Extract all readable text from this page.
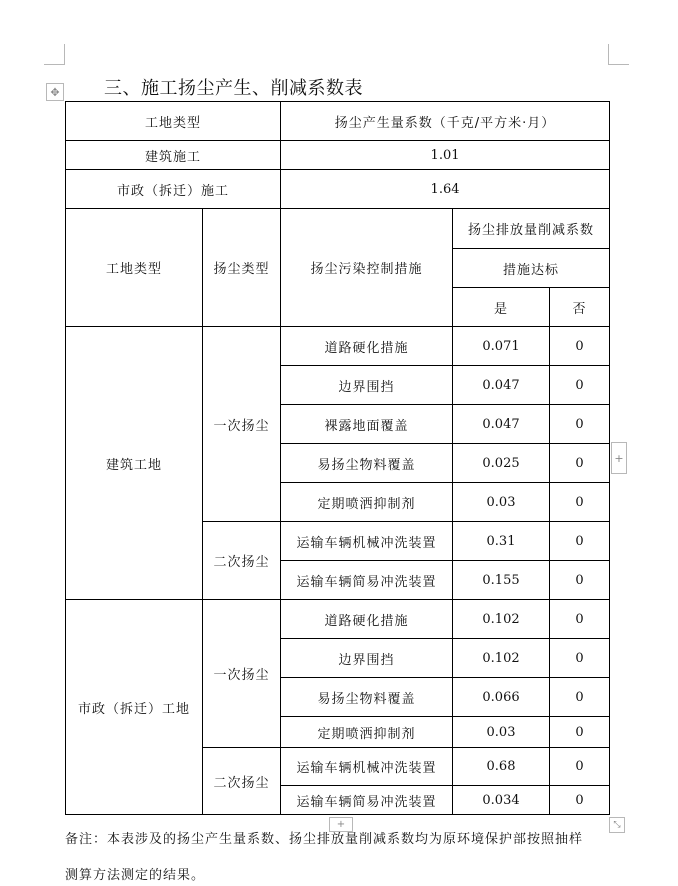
✥ 三、施工扬尘产生、削减系数表
工地类型		扬尘产生量系数（千克/平方米·月）		
建筑施工		1.01		
市政（拆迁）施工		1.64		
工地类型	扬尘类型	扬尘污染控制措施	扬尘排放量削减系数	
			措施达标	
			是	否
建筑工地	一次扬尘	道路硬化措施	0.071	0
		边界围挡	0.047	0
		裸露地面覆盖	0.047	0
		易扬尘物料覆盖	0.025	0
		定期喷洒抑制剂	0.03	0
	二次扬尘	运输车辆机械冲洗装置	0.31	0
		运输车辆简易冲洗装置	0.155	0
市政（拆迁）工地	一次扬尘	道路硬化措施	0.102	0
		边界围挡	0.102	0
		易扬尘物料覆盖	0.066	0
		定期喷洒抑制剂	0.03	0
	二次扬尘	运输车辆机械冲洗装置	0.68	0
		运输车辆简易冲洗装置	0.034	0
+
+	⤡
备注：本表涉及的扬尘产生量系数、扬尘排放量削减系数均为原环境保护部按照抽样
测算方法测定的结果。
